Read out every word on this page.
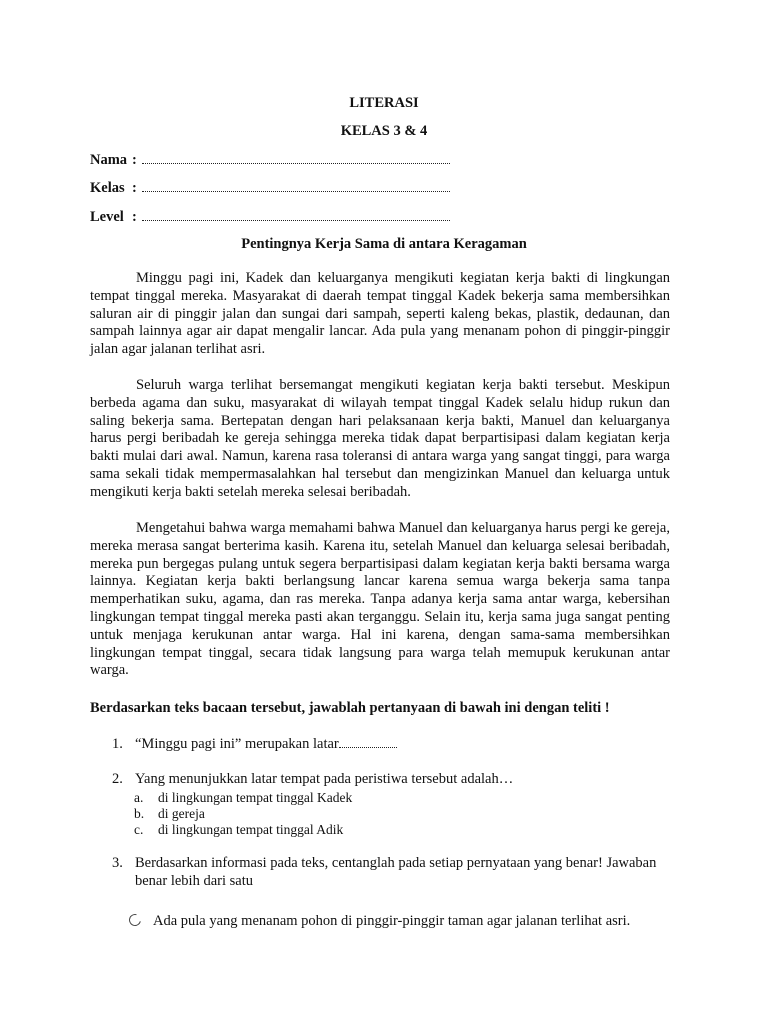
LITERASI
KELAS 3 & 4
Nama :
Kelas :
Level :
Pentingnya Kerja Sama di antara Keragaman
Minggu pagi ini, Kadek dan keluarganya mengikuti kegiatan kerja bakti di lingkungan tempat tinggal mereka. Masyarakat di daerah tempat tinggal Kadek bekerja sama membersihkan saluran air di pinggir jalan dan sungai dari sampah, seperti kaleng bekas, plastik, dedaunan, dan sampah lainnya agar air dapat mengalir lancar. Ada pula yang menanam pohon di pinggir-pinggir jalan agar jalanan terlihat asri.
Seluruh warga terlihat bersemangat mengikuti kegiatan kerja bakti tersebut. Meskipun berbeda agama dan suku, masyarakat di wilayah tempat tinggal Kadek selalu hidup rukun dan saling bekerja sama. Bertepatan dengan hari pelaksanaan kerja bakti, Manuel dan keluarganya harus pergi beribadah ke gereja sehingga mereka tidak dapat berpartisipasi dalam kegiatan kerja bakti mulai dari awal. Namun, karena rasa toleransi di antara warga yang sangat tinggi, para warga sama sekali tidak mempermasalahkan hal tersebut dan mengizinkan Manuel dan keluarga untuk mengikuti kerja bakti setelah mereka selesai beribadah.
Mengetahui bahwa warga memahami bahwa Manuel dan keluarganya harus pergi ke gereja, mereka merasa sangat berterima kasih. Karena itu, setelah Manuel dan keluarga selesai beribadah, mereka pun bergegas pulang untuk segera berpartisipasi dalam kegiatan kerja bakti bersama warga lainnya. Kegiatan kerja bakti berlangsung lancar karena semua warga bekerja sama tanpa memperhatikan suku, agama, dan ras mereka. Tanpa adanya kerja sama antar warga, kebersihan lingkungan tempat tinggal mereka pasti akan terganggu. Selain itu, kerja sama juga sangat penting untuk menjaga kerukunan antar warga. Hal ini karena, dengan sama-sama membersihkan lingkungan tempat tinggal, secara tidak langsung para warga telah memupuk kerukunan antar warga.
Berdasarkan teks bacaan tersebut, jawablah pertanyaan di bawah ini dengan teliti !
1. “Minggu pagi ini” merupakan latar
2. Yang menunjukkan latar tempat pada peristiwa tersebut adalah…
a. di lingkungan tempat tinggal Kadek
b. di gereja
c. di lingkungan tempat tinggal Adik
3. Berdasarkan informasi pada teks, centanglah pada setiap pernyataan yang benar! Jawaban benar lebih dari satu
Ada pula yang menanam pohon di pinggir-pinggir taman agar jalanan terlihat asri.
